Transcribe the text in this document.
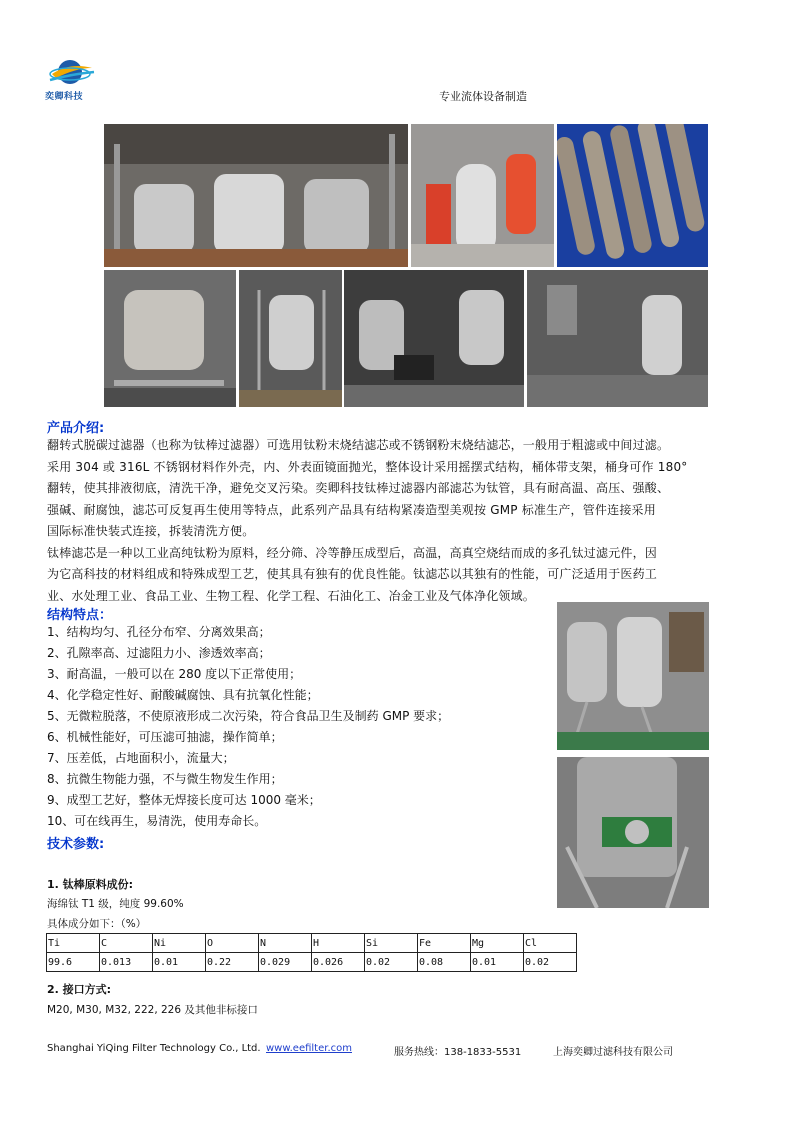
奕卿科技	专业流体设备制造
产品介绍:
翻转式脱碳过滤器（也称为钛棒过滤器）可选用钛粉末烧结滤芯或不锈钢粉末烧结滤芯，一般用于粗滤或中间过滤。
采用 304 或 316L 不锈钢材料作外壳，内、外表面镜面抛光，整体设计采用摇摆式结构，桶体带支架，桶身可作 180°
翻转，使其排液彻底，清洗干净，避免交叉污染。奕卿科技钛棒过滤器内部滤芯为钛管，具有耐高温、高压、强酸、
强碱、耐腐蚀，滤芯可反复再生使用等特点，此系列产品具有结构紧凑造型美观按 GMP 标准生产，管件连接采用
国际标准快装式连接，拆装清洗方便。
钛棒滤芯是一种以工业高纯钛粉为原料，经分筛、冷等静压成型后，高温，高真空烧结而成的多孔钛过滤元件，因
为它高科技的材料组成和特殊成型工艺，使其具有独有的优良性能。钛滤芯以其独有的性能，可广泛适用于医药工
业、水处理工业、食品工业、生物工程、化学工程、石油化工、冶金工业及气体净化领域。
结构特点：
1、结构均匀、孔径分布窄、分离效果高；
2、孔隙率高、过滤阻力小、渗透效率高；
3、耐高温，一般可以在 280 度以下正常使用；
4、化学稳定性好、耐酸碱腐蚀、具有抗氧化性能；
5、无微粒脱落，不使原液形成二次污染，符合食品卫生及制药 GMP 要求；
6、机械性能好，可压滤可抽滤，操作简单；
7、压差低，占地面积小，流量大；
8、抗微生物能力强，不与微生物发生作用；
9、成型工艺好，整体无焊接长度可达 1000 毫米；
10、可在线再生，易清洗，使用寿命长。
技术参数:
1. 钛棒原料成份:
海绵钛 T1 级，纯度 99.60%
具体成分如下：（%）
Ti	C	Ni	O	N	H	Si	Fe	Mg	Cl
99.6	0.013	0.01	0.22	0.029	0.026	0.02	0.08	0.01	0.02
2. 接口方式:
M20, M30, M32, 222, 226 及其他非标接口
Shanghai YiQing Filter Technology Co., Ltd. www.eefilter.com	服务热线：138-1833-5531	上海奕卿过滤科技有限公司
